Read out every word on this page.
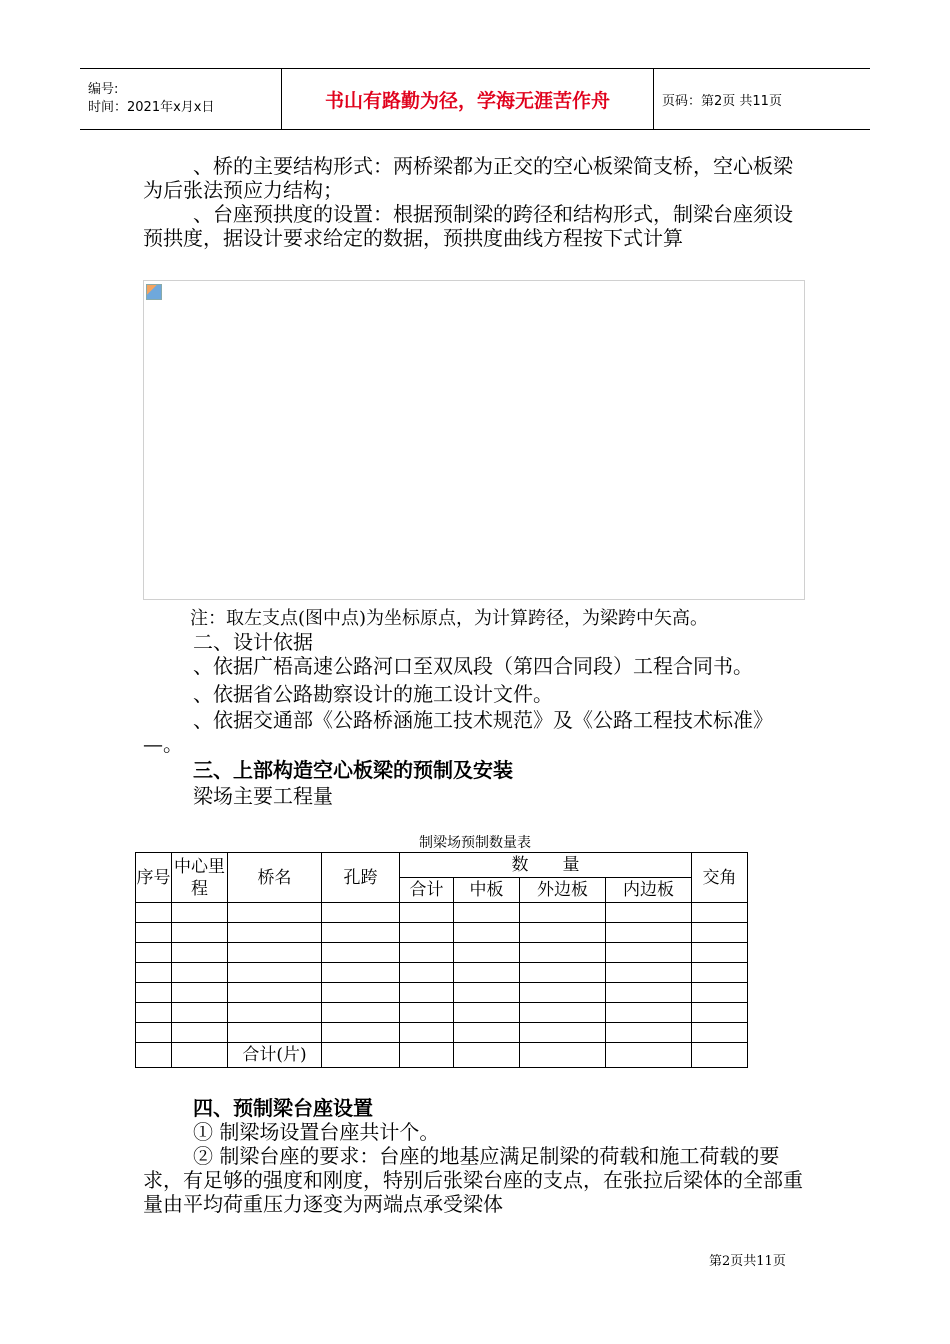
编号:
时间：2021年x月x日	书山有路勤为径，学海无涯苦作舟	页码：第2页 共11页

、桥的主要结构形式：两桥梁都为正交的空心板梁简支桥，空心板梁为后张法预应力结构；

、台座预拱度的设置：根据预制梁的跨径和结构形式，制梁台座须设预拱度，据设计要求给定的数据，预拱度曲线方程按下式计算

注：取左支点(图中点)为坐标原点，为计算跨径，为梁跨中矢高。

二、设计依据

、依据广梧高速公路河口至双凤段（第四合同段）工程合同书。

、依据省公路勘察设计的施工设计文件。

、依据交通部《公路桥涵施工技术规范》及《公路工程技术标准》—。

三、上部构造空心板梁的预制及安装

梁场主要工程量

制梁场预制数量表
序号	中心里程	桥名	孔跨	数　　量				交角
				合计	中板	外边板	内边板	

		合计(片)						

四、预制梁台座设置

① 制梁场设置台座共计个。

② 制梁台座的要求：台座的地基应满足制梁的荷载和施工荷载的要求，有足够的强度和刚度，特别后张梁台座的支点，在张拉后梁体的全部重量由平均荷重压力逐变为两端点承受梁体

第2页共11页
